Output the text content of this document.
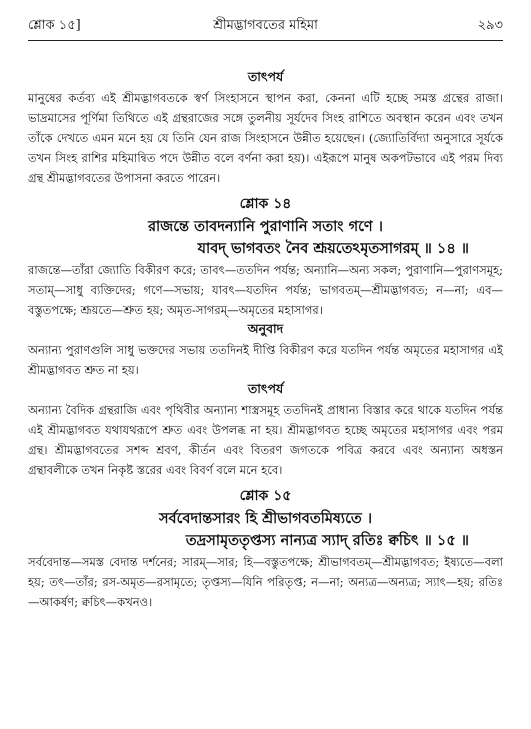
শ্লোক ১৫]	শ্রীমদ্ভাগবতের মহিমা	২৯৩
তাৎপর্য

মানুষের কর্তব্য এই শ্রীমদ্ভাগবতকে স্বর্ণ সিংহাসনে স্থাপন করা, কেননা এটি হচ্ছে সমস্ত গ্রন্থের রাজা। ভাদ্রমাসের পূর্ণিমা তিথিতে এই গ্রন্থরাজের সঙ্গে তুলনীয় সূর্যদেব সিংহ রাশিতে অবস্থান করেন এবং তখন তাঁকে দেখতে এমন মনে হয় যে তিনি যেন রাজ সিংহাসনে উন্নীত হয়েছেন। (জ্যোতির্বিদ্যা অনুসারে সূর্যকে তখন সিংহ রাশির মহিমান্বিত পদে উন্নীত বলে বর্ণনা করা হয়)। এইরূপে মানুষ অকপটভাবে এই পরম দিব্য গ্রন্থ শ্রীমদ্ভাগবতের উপাসনা করতে পারেন।

শ্লোক ১৪

রাজন্তে তাবদন্যানি পুরাণানি সতাং গণে ।

যাবদ্ ভাগবতং নৈব শ্রূয়তেঽমৃতসাগরম্ ॥ ১৪ ॥

রাজন্তে—তাঁরা জ্যোতি বিকীরণ করে; তাবৎ—ততদিন পর্যন্ত; অন্যানি—অন্য সকল; পুরাণানি—পুরাণসমূহ; সতাম্—সাধু ব্যক্তিদের; গণে—সভায়; যাবৎ—যতদিন পর্যন্ত; ভাগবতম্—শ্রীমদ্ভাগবত; ন—না; এব—বস্তুতপক্ষে; শ্রূয়তে—শ্রুত হয়; অমৃত-সাগরম্—অমৃতের মহাসাগর।

অনুবাদ

অন্যান্য পুরাণগুলি সাধু ভক্তদের সভায় ততদিনই দীপ্তি বিকীরণ করে যতদিন পর্যন্ত অমৃতের মহাসাগর এই শ্রীমদ্ভাগবত শ্রুত না হয়।

তাৎপর্য

অন্যান্য বৈদিক গ্রন্থরাজি এবং পৃথিবীর অন্যান্য শাস্ত্রসমূহ ততদিনই প্রাধান্য বিস্তার করে থাকে যতদিন পর্যন্ত এই শ্রীমদ্ভাগবত যথাযথরূপে শ্রুত এবং উপলব্ধ না হয়। শ্রীমদ্ভাগবত হচ্ছে অমৃতের মহাসাগর এবং পরম গ্রন্থ। শ্রীমদ্ভাগবতের সশব্দ শ্রবণ, কীর্তন এবং বিতরণ জগতকে পবিত্র করবে এবং অন্যান্য অধস্তন গ্রন্থাবলীকে তখন নিকৃষ্ট স্তরের এবং বিবর্ণ বলে মনে হবে।

শ্লোক ১৫

সর্ববেদান্তসারং হি শ্রীভাগবতমিষ্যতে ।

তদ্রসামৃততৃপ্তস্য নান্যত্র স্যাদ্ রতিঃ ক্বচিৎ ॥ ১৫ ॥

সর্ববেদান্ত—সমস্ত বেদান্ত দর্শনের; সারম্—সার; হি—বস্তুতপক্ষে; শ্রীভাগবতম্—শ্রীমদ্ভাগবত; ইষ্যতে—বলা হয়; তৎ—তাঁর; রস-অমৃত—রসামৃতে; তৃপ্তস্য—যিনি পরিতৃপ্ত; ন—না; অন্যত্র—অন্যত্র; স্যাৎ—হয়; রতিঃ—আকর্ষণ; ক্বচিৎ—কখনও।
